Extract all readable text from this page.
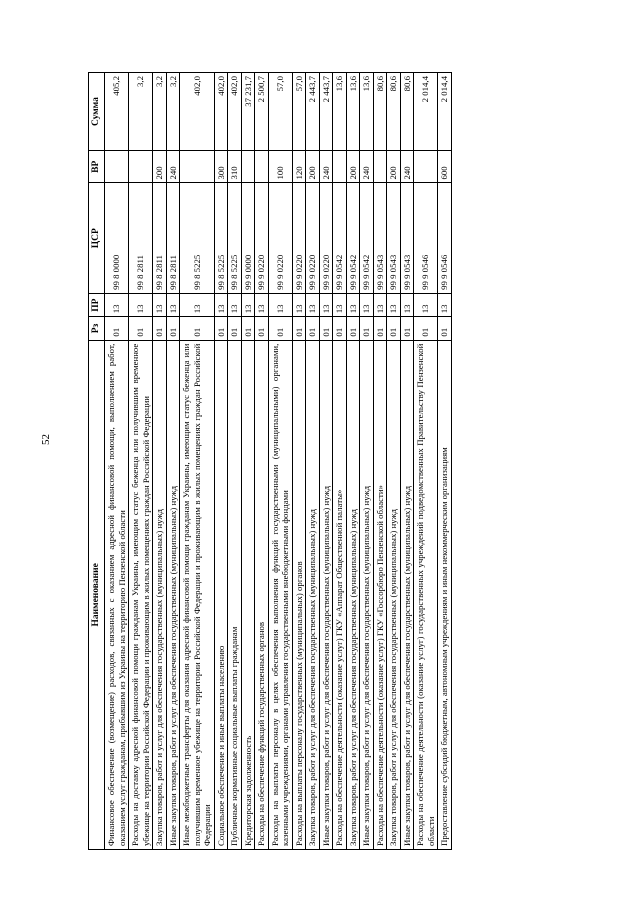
52
Наименование	Рз	ПР	ЦСР	ВР	Сумма
Финансовое обеспечение (возмещение) расходов, связанных с оказанием адресной финансовой помощи, выполнением работ, оказанием услуг гражданам, прибывшим из Украины на территорию Пензенской области	01	13	99 8 0000		405,2
Расходы на доставку адресной финансовой помощи гражданам Украины, имеющим статус беженца или получившим временное убежище на территории Российской Федерации и проживающим в жилых помещениях граждан Российской Федерации	01	13	99 8 2811		3,2
Закупка товаров, работ и услуг для обеспечения государственных (муниципальных) нужд	01	13	99 8 2811	200	3,2
Иные закупки товаров, работ и услуг для обеспечения государственных (муниципальных) нужд	01	13	99 8 2811	240	3,2
Иные межбюджетные трансферты для оказания адресной финансовой помощи гражданам Украины, имеющим статус беженца или получившим временное убежище на территории Российской Федерации и проживающим в жилых помещениях граждан Российской Федерации	01	13	99 8 5225		402,0
Социальное обеспечение и иные выплаты населению	01	13	99 8 5225	300	402,0
Публичные нормативные социальные выплаты гражданам	01	13	99 8 5225	310	402,0
Кредиторская задолженность	01	13	99 9 0000		37 231,7
Расходы на обеспечение функций государственных органов	01	13	99 9 0220		2 500,7
Расходы на выплаты персоналу в целях обеспечения выполнения функций государственными (муниципальными) органами, казенными учреждениями, органами управления государственными внебюджетными фондами	01	13	99 9 0220	100	57,0
Расходы на выплаты персоналу государственных (муниципальных) органов	01	13	99 9 0220	120	57,0
Закупка товаров, работ и услуг для обеспечения государственных (муниципальных) нужд	01	13	99 9 0220	200	2 443,7
Иные закупки товаров, работ и услуг для обеспечения государственных (муниципальных) нужд	01	13	99 9 0220	240	2 443,7
Расходы на обеспечение деятельности (оказание услуг) ГКУ «Аппарат Общественной палаты»	01	13	99 9 0542		13,6
Закупка товаров, работ и услуг для обеспечения государственных (муниципальных) нужд	01	13	99 9 0542	200	13,6
Иные закупки товаров, работ и услуг для обеспечения государственных (муниципальных) нужд	01	13	99 9 0542	240	13,6
Расходы на обеспечение деятельности (оказание услуг) ГКУ «Госсорбюро Пензенской области»	01	13	99 9 0543		80,6
Закупка товаров, работ и услуг для обеспечения государственных (муниципальных) нужд	01	13	99 9 0543	200	80,6
Иные закупки товаров, работ и услуг для обеспечения государственных (муниципальных) нужд	01	13	99 9 0543	240	80,6
Расходы на обеспечение деятельности (оказание услуг) государственных учреждений подведомственных Правительству Пензенской области	01	13	99 9 0546		2 014,4
Предоставление субсидий бюджетным, автономным учреждениям и иным некоммерческим организациям	01	13	99 9 0546	600	2 014,4
